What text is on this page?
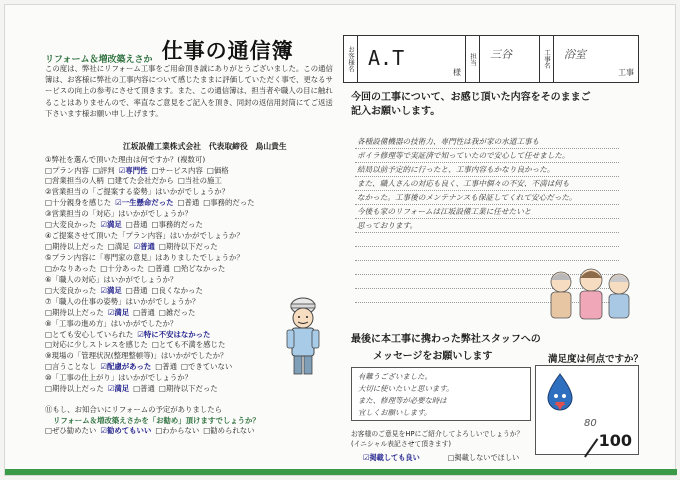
リフォーム＆増改築えさか 仕事の通信簿
この度は、弊社にリフォーム工事をご用命頂き誠にありがとうございました。この通信簿は、お客様に弊社の工事内容について感じたままに評価していただく事で、更なるサービスの向上の参考にさせて頂きます。また、この通信簿は、担当者や職人の目に触れることはありませんので、率直なご意見をご記入を頂き、同封の返信用封筒にてご返送下さいます様お願い申し上げます。
江坂設備工業株式会社　代表取締役　鳥山貴生
①弊社を選んで頂いた理由は何ですか？(複数可)
□プラン内容 □評判 ☑専門性 □サービス内容 □価格
□営業担当の人柄 □建てた会社だから □当社の施工
②営業担当の「ご提案する姿勢」はいかがでしょうか？
□十分親身を感じた ☑一生懸命だった □普通 □事務的だった
③営業担当の「対応」はいかがでしょうか？
□大変良かった ☑満足 □普通 □事務的だった
④ご提案させて頂いた「プラン内容」はいかがでしょうか？
□期待以上だった □満足 ☑普通 □期待以下だった
⑤プラン内容に「専門家の意見」はありましたでしょうか？
□かなりあった □十分あった □普通 □殆どなかった
⑥「職人の対応」はいかがでしょうか？
□大変良かった ☑満足 □普通 □良くなかった
⑦「職人の仕事の姿勢」はいかがでしょうか？
□期待以上だった ☑満足 □普通 □雑だった
⑧「工事の進め方」はいかがでしたか？
□とても安心していられた ☑特に不安はなかった
□対応に少しストレスを感じた □とても不満を感じた
⑨現場の「管理状況(整理整頓等)」はいかがでしたか？
□言うことなし ☑配慮があった □普通 □できていない
⑩「工事の仕上がり」はいかがでしょうか？
□期待以上だった ☑満足 □普通 □期待以下だった
⑪もし、お知合いにリフォームの予定がありましたら
リフォーム＆増改築えさかを「お勧め」頂けますでしょうか？
□ぜひ勧めたい ☑勧めてもいい □わからない □勧められない
お客様名 A.T
様
担当 三谷	工事名 浴室
工事
今回の工事について、お感じ頂いた内容をそのままご
記入お願いします。
各種設備機器の技術力、専門性は我が家の水道工事も
ボイラ修理等で実証済で知っていたので安心して任せました。
結局以前予定的に行ったと、工事内容もかなり良かった。
また、職人さんの対応も良く、工事中個々の不安、不満は何も
なかった。工事後のメンテナンスも保証してくれて安心だった。
今後も家のリフォームは江坂設備工業に任せたいと
思っております。
最後に本工事に携わった弊社スタッフへの
メッセージをお願いします	満足度は何点ですか？
有難うございました。
大切に使いたいと思います。
また、修理等が必要な時は
宜しくお願いします。
80
100
お客様のご意見をHPにご紹介してよろしいでしょうか？
(イニシャル表記させて頂きます)
☑掲載しても良い	□掲載しないでほしい
